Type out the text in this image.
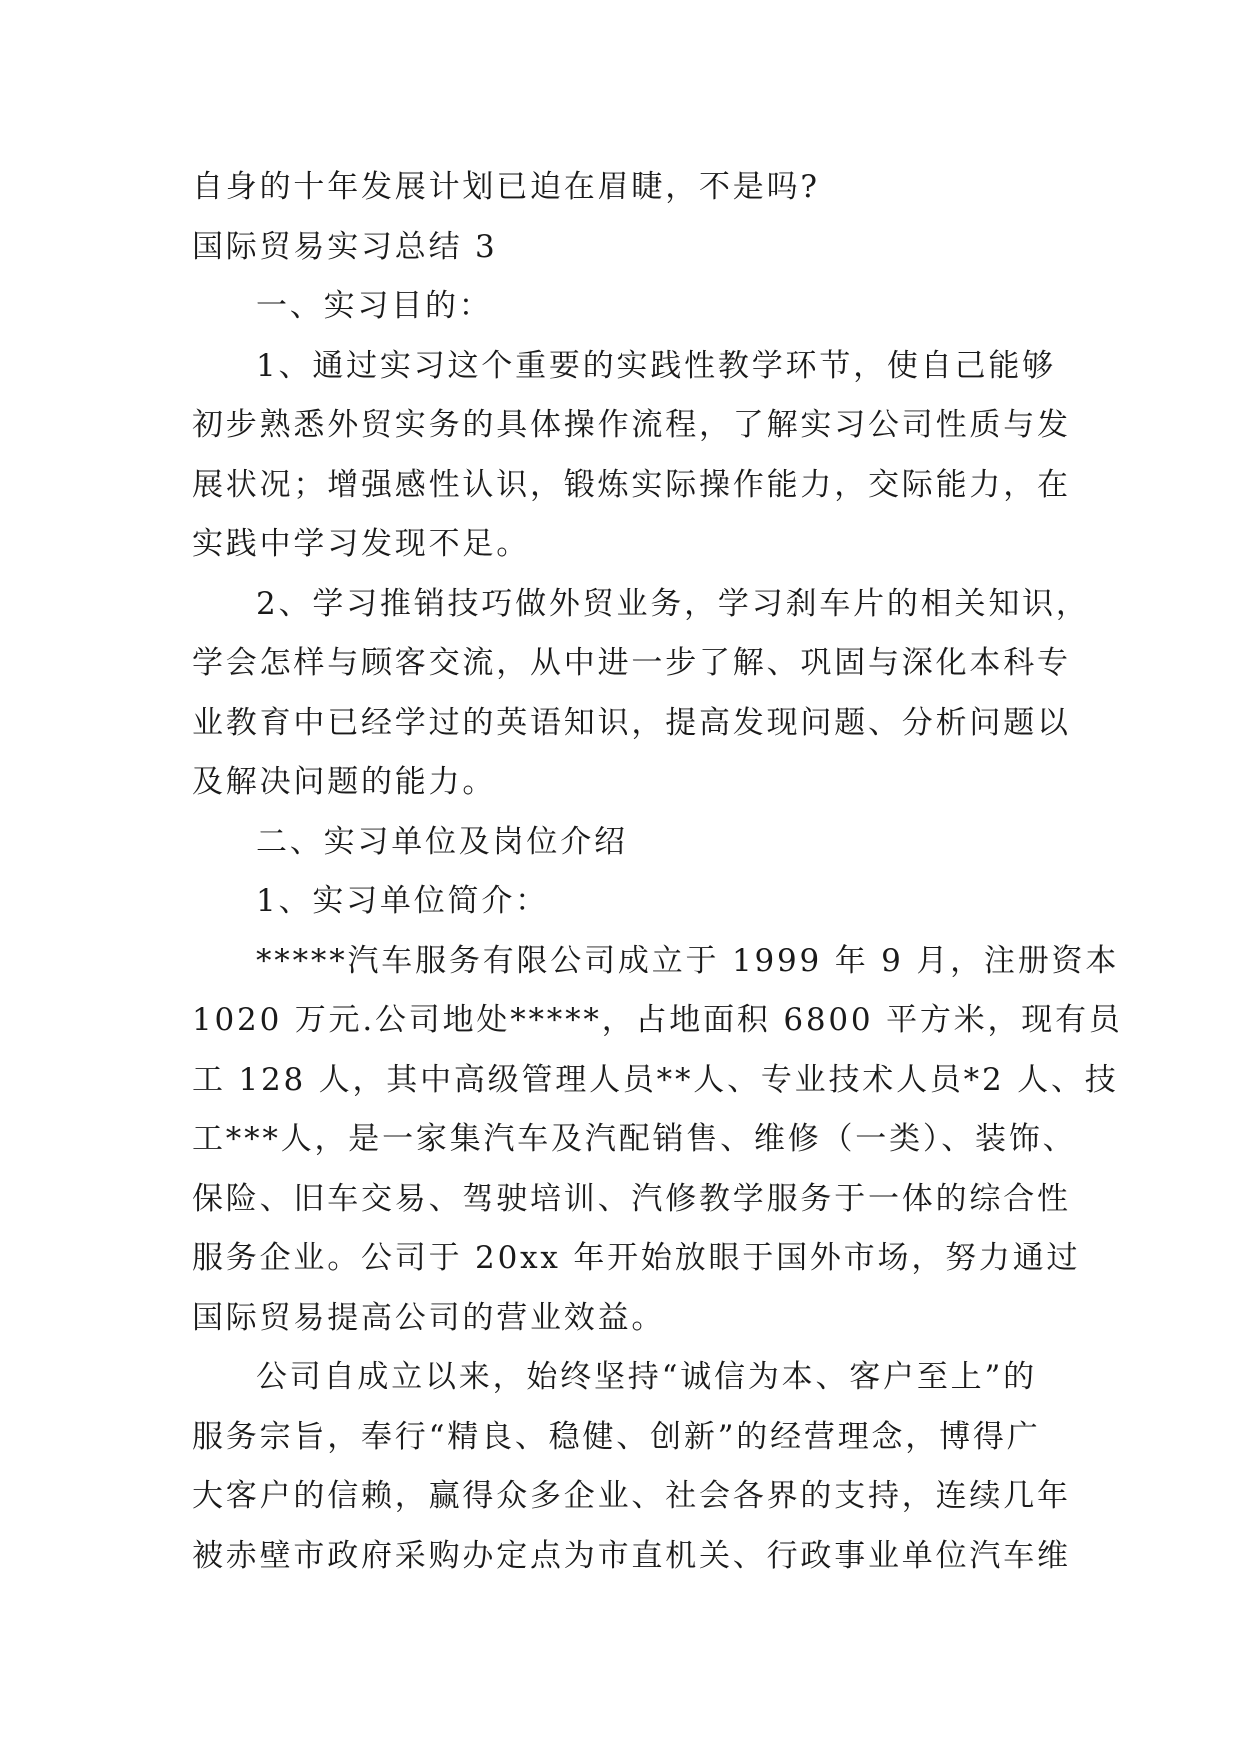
自身的十年发展计划已迫在眉睫，不是吗?
国际贸易实习总结 3
一、实习目的：
1、通过实习这个重要的实践性教学环节，使自己能够
初步熟悉外贸实务的具体操作流程，了解实习公司性质与发
展状况；增强感性认识，锻炼实际操作能力，交际能力，在
实践中学习发现不足。
2、学习推销技巧做外贸业务，学习刹车片的相关知识，
学会怎样与顾客交流，从中进一步了解、巩固与深化本科专
业教育中已经学过的英语知识，提高发现问题、分析问题以
及解决问题的能力。
二、实习单位及岗位介绍
1、实习单位简介：
*****汽车服务有限公司成立于 1999 年 9 月，注册资本
1020 万元.公司地处*****，占地面积 6800 平方米，现有员
工 128 人，其中高级管理人员**人、专业技术人员*2 人、技
工***人，是一家集汽车及汽配销售、维修（一类）、装饰、
保险、旧车交易、驾驶培训、汽修教学服务于一体的综合性
服务企业。公司于 20xx 年开始放眼于国外市场，努力通过
国际贸易提高公司的营业效益。
公司自成立以来，始终坚持“诚信为本、客户至上”的
服务宗旨，奉行“精良、稳健、创新”的经营理念，博得广
大客户的信赖，赢得众多企业、社会各界的支持，连续几年
被赤壁市政府采购办定点为市直机关、行政事业单位汽车维
